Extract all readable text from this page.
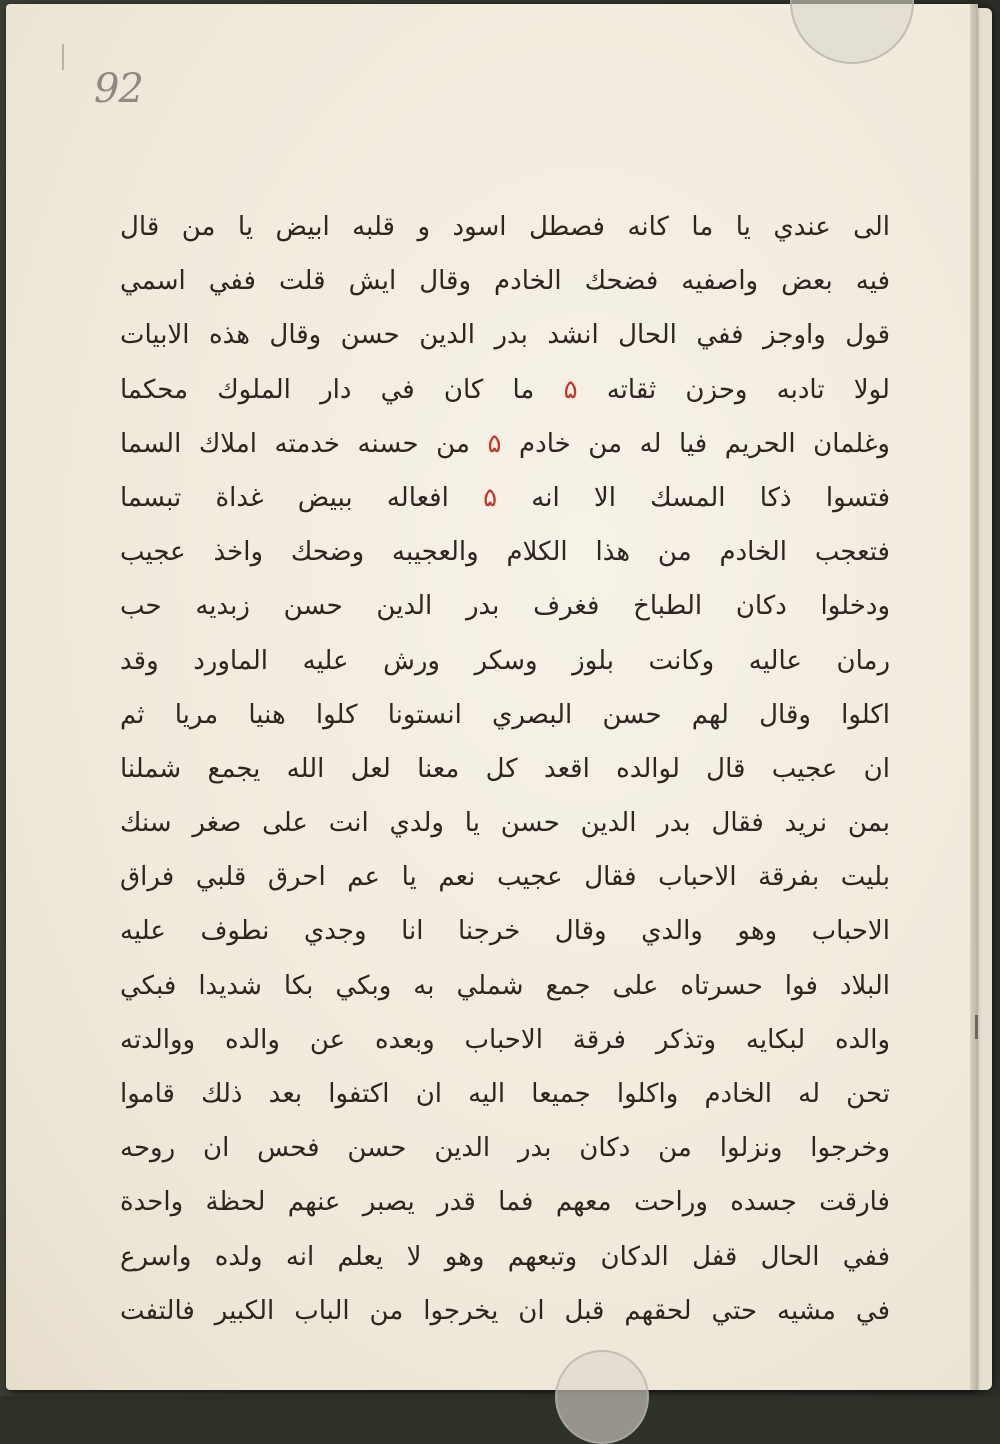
92
الى عندي يا ما كانه فصطل اسود و قلبه ابيض يا من قال
فيه بعض واصفيه فضحك الخادم وقال ايش قلت ففي اسمي
قول واوجز ففي الحال انشد بدر الدين حسن وقال هذه الابيات
لولا تادبه وحزن ثقاته ۵ ما كان في دار الملوك محكما
وغلمان الحريم فيا له من خادم ۵ من حسنه خدمته املاك السما
فتسوا ذكا المسك الا انه ۵ افعاله ببيض غداة تبسما
فتعجب الخادم من هذا الكلام والعجيبه وضحك واخذ عجيب
ودخلوا دكان الطباخ فغرف بدر الدين حسن زبديه حب
رمان عاليه وكانت بلوز وسكر ورش عليه الماورد وقد
اكلوا وقال لهم حسن البصري انستونا كلوا هنيا مريا ثم
ان عجيب قال لوالده اقعد كل معنا لعل الله يجمع شملنا
بمن نريد فقال بدر الدين حسن يا ولدي انت على صغر سنك
بليت بفرقة الاحباب فقال عجيب نعم يا عم احرق قلبي فراق
الاحباب وهو والدي وقال خرجنا انا وجدي نطوف عليه
البلاد فوا حسرتاه على جمع شملي به وبكي بكا شديدا فبكي
والده لبكايه وتذكر فرقة الاحباب وبعده عن والده ووالدته
تحن له الخادم واكلوا جميعا اليه ان اكتفوا بعد ذلك قاموا
وخرجوا ونزلوا من دكان بدر الدين حسن فحس ان روحه
فارقت جسده وراحت معهم فما قدر يصبر عنهم لحظة واحدة
ففي الحال قفل الدكان وتبعهم وهو لا يعلم انه ولده واسرع
في مشيه حتي لحقهم قبل ان يخرجوا من الباب الكبير فالتفت
